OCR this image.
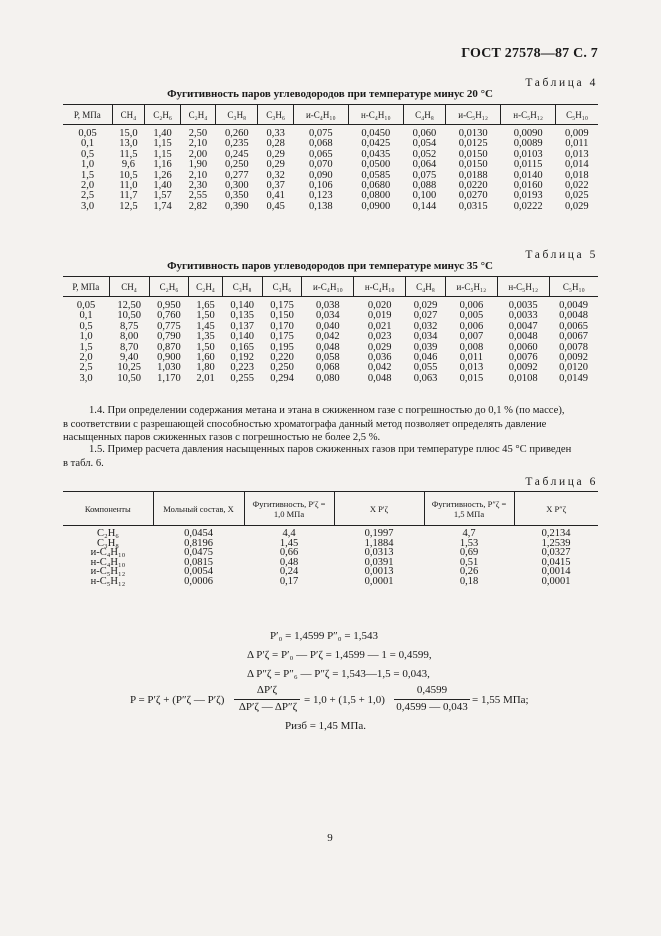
ГОСТ 27578—87 С. 7
Таблица 4
Фугитивность паров углеводородов при температуре минус 20 °С
Р, МПа	CH₄	C₂H₆	C₂H₄	C₃H₈	C₃H₆	и-C₄H₁₀	н-C₄H₁₀	C₄H₈	и-C₅H₁₂	н-C₅H₁₂	C₅H₁₀
0,05	15,0	1,40	2,50	0,260	0,33	0,075	0,0450	0,060	0,0130	0,0090	0,009
0,1	13,0	1,15	2,10	0,235	0,28	0,068	0,0425	0,054	0,0125	0,0089	0,011
0,5	11,5	1,15	2,00	0,245	0,29	0,065	0,0435	0,052	0,0150	0,0103	0,013
1,0	9,6	1,16	1,90	0,250	0,29	0,070	0,0500	0,064	0,0150	0,0115	0,014
1,5	10,5	1,26	2,10	0,277	0,32	0,090	0,0585	0,075	0,0188	0,0140	0,018
2,0	11,0	1,40	2,30	0,300	0,37	0,106	0,0680	0,088	0,0220	0,0160	0,022
2,5	11,7	1,57	2,55	0,350	0,41	0,123	0,0800	0,100	0,0270	0,0193	0,025
3,0	12,5	1,74	2,82	0,390	0,45	0,138	0,0900	0,144	0,0315	0,0222	0,029
Таблица 5
Фугитивность паров углеводородов при температуре минус 35 °С
Р, МПа	CH₄	C₂H₆	C₂H₄	C₃H₈	C₃H₆	и-C₄H₁₀	н-C₄H₁₀	C₄H₈	и-C₅H₁₂	н-C₅H₁₂	C₅H₁₀
0,05	12,50	0,950	1,65	0,140	0,175	0,038	0,020	0,029	0,006	0,0035	0,0049
0,1	10,50	0,760	1,50	0,135	0,150	0,034	0,019	0,027	0,005	0,0033	0,0048
0,5	8,75	0,775	1,45	0,137	0,170	0,040	0,021	0,032	0,006	0,0047	0,0065
1,0	8,00	0,790	1,35	0,140	0,175	0,042	0,023	0,034	0,007	0,0048	0,0067
1,5	8,70	0,870	1,50	0,165	0,195	0,048	0,029	0,039	0,008	0,0060	0,0078
2,0	9,40	0,900	1,60	0,192	0,220	0,058	0,036	0,046	0,011	0,0076	0,0092
2,5	10,25	1,030	1,80	0,223	0,250	0,068	0,042	0,055	0,013	0,0092	0,0120
3,0	10,50	1,170	2,01	0,255	0,294	0,080	0,048	0,063	0,015	0,0108	0,0149
1.4. При определении содержания метана и этана в сжиженном газе с погрешностью до 0,1 % (по массе),
в соответствии с разрешающей способностью хроматографа данный метод позволяет определять давление
насыщенных паров сжиженных газов с погрешностью не более 2,5 %.
1.5. Пример расчета давления насыщенных паров сжиженных газов при температуре плюс 45 °С приведен
в табл. 6.
Таблица 6
Компоненты	Мольный состав, X	Фугитивность, P′ζ = 1,0 МПа	X P′ζ	Фугитивность, P″ζ = 1,5 МПа	X P″ζ
C₂H₆	0,0454	4,4	0,1997	4,7	0,2134
C₃H₈	0,8196	1,45	1,1884	1,53	1,2539
и-C₄H₁₀	0,0475	0,66	0,0313	0,69	0,0327
н-C₄H₁₀	0,0815	0,48	0,0391	0,51	0,0415
и-C₅H₁₂	0,0054	0,24	0,0013	0,26	0,0014
н-C₅H₁₂	0,0006	0,17	0,0001	0,18	0,0001
P′₀ = 1,4599 P″₀ = 1,543
Δ P′ζ = P′₀ — P′ζ = 1,4599 — 1 = 0,4599,
Δ P″ζ = P″₆ — P″ζ = 1,543—1,5 = 0,043,
P = P′ζ + (P″ζ — P′ζ)
ΔP′ζ
ΔP′ζ — ΔP″ζ
= 1,0 + (1,5 + 1,0)
0,4599
0,4599 — 0,043
= 1,55 МПа;
Pизб = 1,45 МПа.
9
